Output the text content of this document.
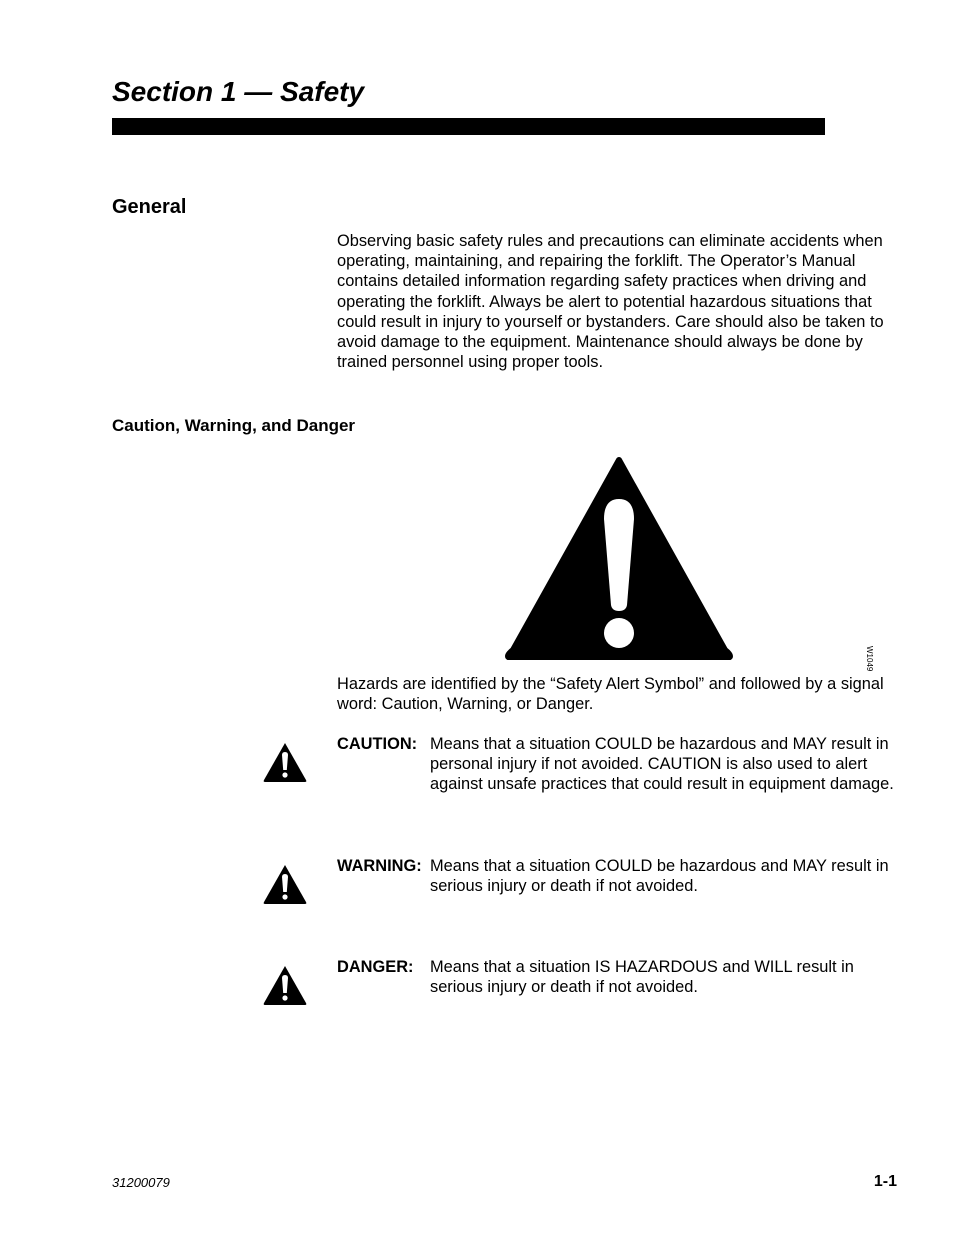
Section 1 — Safety
General

Observing basic safety rules and precautions can eliminate accidents when operating, maintaining, and repairing the forklift. The Operator’s Manual contains detailed information regarding safety practices when driving and operating the forklift. Always be alert to potential hazardous situations that could result in injury to yourself or bystanders. Care should also be taken to avoid damage to the equipment. Maintenance should always be done by trained personnel using proper tools.

Caution, Warning, and Danger
W1049

Hazards are identified by the “Safety Alert Symbol” and followed by a signal word: Caution, Warning, or Danger.

CAUTION: Means that a situation COULD be hazardous and MAY result in personal injury if not avoided. CAUTION is also used to alert against unsafe practices that could result in equipment damage.
WARNING: Means that a situation COULD be hazardous and MAY result in serious injury or death if not avoided.
DANGER: Means that a situation IS HAZARDOUS and WILL result in serious injury or death if not avoided.
31200079	1-1
